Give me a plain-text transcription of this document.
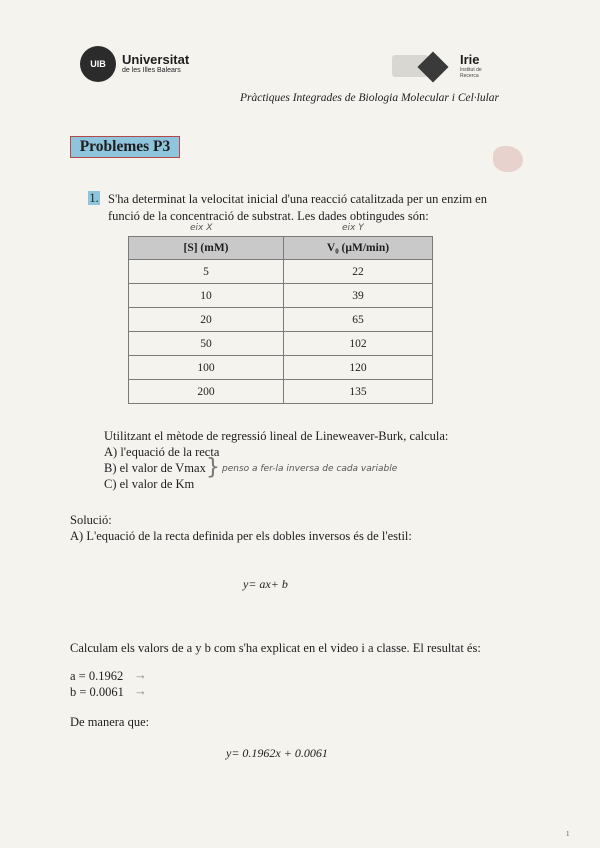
UIB Universitat
de les Illes Balears
Irie
Institut de Recerca
Pràctiques Integrades de Biologia Molecular i Cel·lular
Problemes P3
1. S'ha determinat la velocitat inicial d'una reacció catalitzada per un enzim en funció de la concentració de substrat. Les dades obtingudes són:
eix X	eix Y
[S] (mM)	V₀ (µM/min)
5	22
10	39
20	65
50	102
100	120
200	135
Utilitzant el mètode de regressió lineal de Lineweaver-Burk, calcula:
A) l'equació de la recta
B) el valor de Vmax
C) el valor de Km
} penso a fer-la inversa de cada variable
Solució:
A) L'equació de la recta definida per els dobles inversos és de l'estil:
y= ax+ b
Calculam els valors de a y b com s'ha explicat en el video i a classe. El resultat és:
a = 0.1962 →
b = 0.0061 →
De manera que:
y= 0.1962x + 0.0061
1
